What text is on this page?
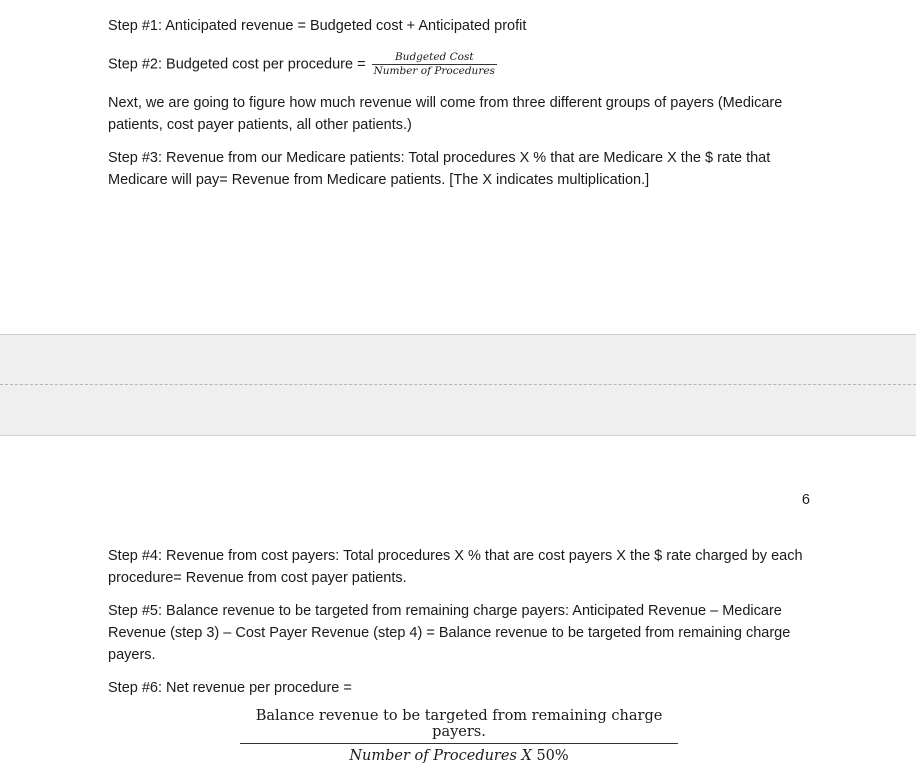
Step #1: Anticipated revenue = Budgeted cost + Anticipated profit

Step #2: Budgeted cost per procedure = $\frac{\text{Budgeted Cost}}{\text{Number of Procedures}}$

Next, we are going to figure how much revenue will come from three different groups of payers (Medicare patients, cost payer patients, all other patients.)

Step #3: Revenue from our Medicare patients: Total procedures X % that are Medicare X the $ rate that Medicare will pay= Revenue from Medicare patients. [The X indicates multiplication.]

6

Step #4: Revenue from cost payers: Total procedures X % that are cost payers X the $ rate charged by each procedure= Revenue from cost payer patients.

Step #5: Balance revenue to be targeted from remaining charge payers: Anticipated Revenue – Medicare Revenue (step 3) – Cost Payer Revenue (step 4) = Balance revenue to be targeted from remaining charge payers.

Step #6: Net revenue per procedure =

Balance revenue to be targeted from remaining charge payers.
Number of Procedures X 50%
